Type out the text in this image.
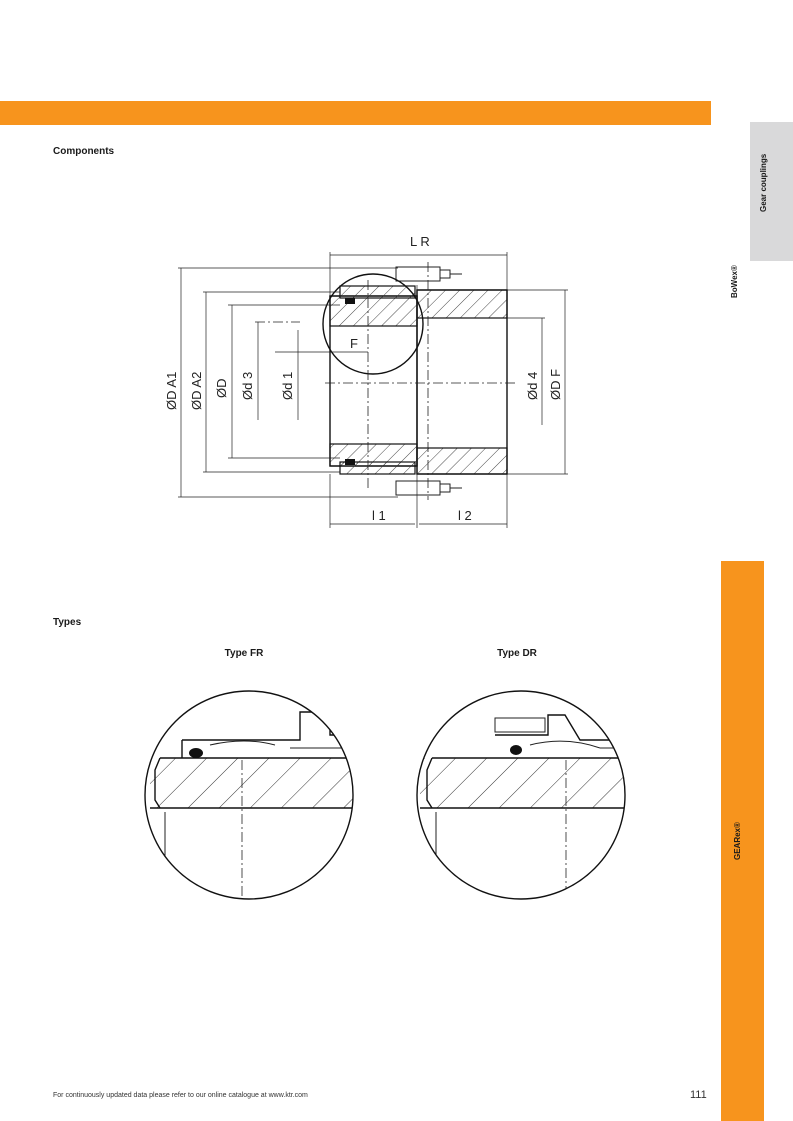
Gear couplings
BoWex®
GEARex®
Components
Types
Type FR	Type DR
L R
F
l 1	l 2
ØD A1 ØD A2 ØD Ød 3 Ød 1	Ød 4 ØD F
For continuously updated data please refer to our online catalogue at www.ktr.com	111
